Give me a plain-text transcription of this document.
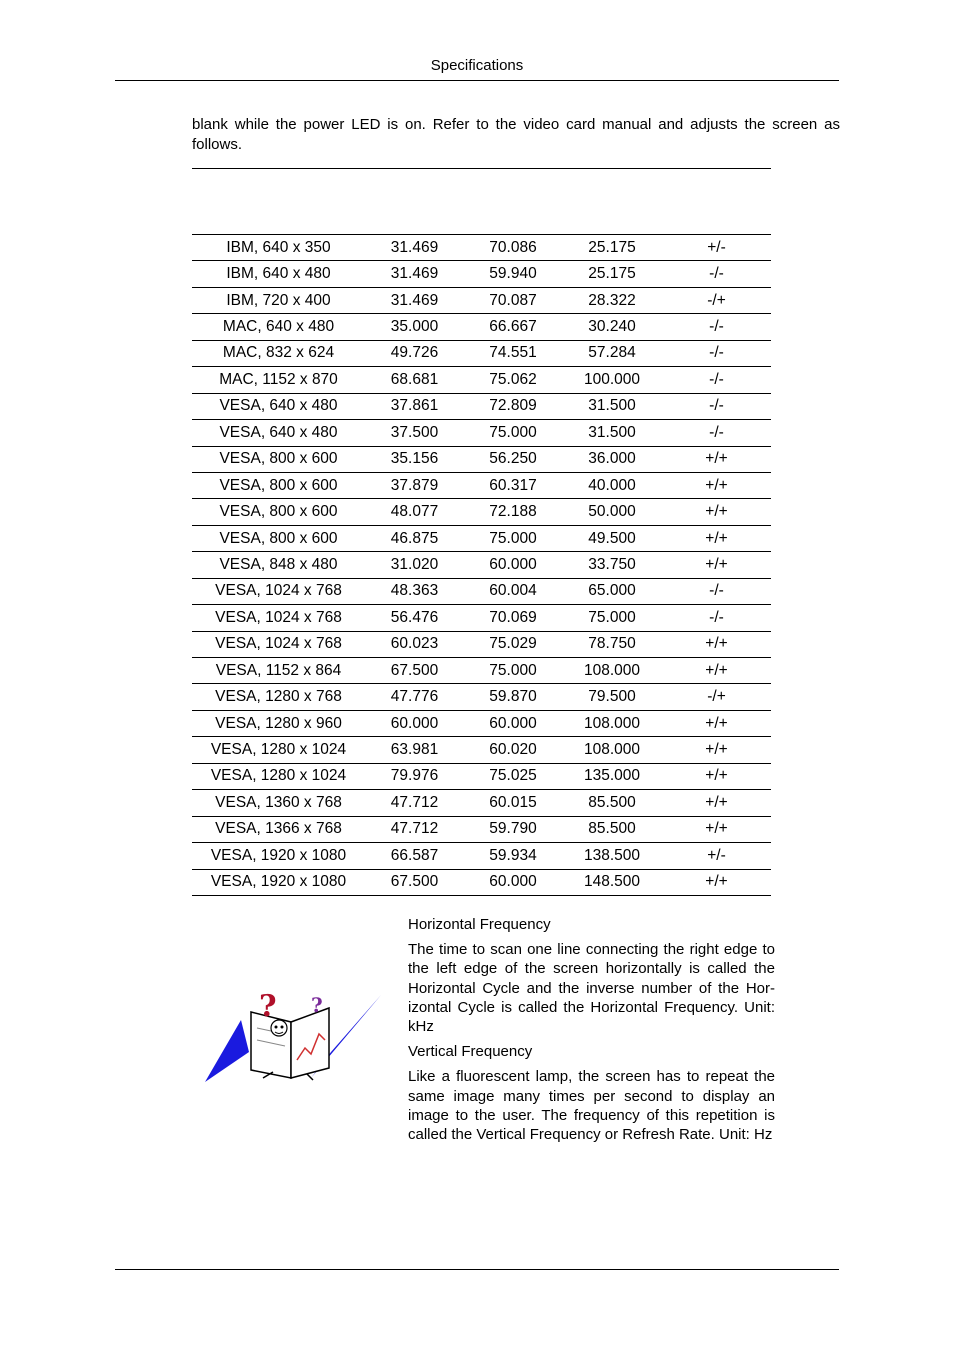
Specifications
blank while the power LED is on. Refer to the video card manual and adjusts the screen as follows.
IBM, 640 x 350	31.469	70.086	25.175	+/-
IBM, 640 x 480	31.469	59.940	25.175	-/-
IBM, 720 x 400	31.469	70.087	28.322	-/+
MAC, 640 x 480	35.000	66.667	30.240	-/-
MAC, 832 x 624	49.726	74.551	57.284	-/-
MAC, 1152 x 870	68.681	75.062	100.000	-/-
VESA, 640 x 480	37.861	72.809	31.500	-/-
VESA, 640 x 480	37.500	75.000	31.500	-/-
VESA, 800 x 600	35.156	56.250	36.000	+/+
VESA, 800 x 600	37.879	60.317	40.000	+/+
VESA, 800 x 600	48.077	72.188	50.000	+/+
VESA, 800 x 600	46.875	75.000	49.500	+/+
VESA, 848 x 480	31.020	60.000	33.750	+/+
VESA, 1024 x 768	48.363	60.004	65.000	-/-
VESA, 1024 x 768	56.476	70.069	75.000	-/-
VESA, 1024 x 768	60.023	75.029	78.750	+/+
VESA, 1152 x 864	67.500	75.000	108.000	+/+
VESA, 1280 x 768	47.776	59.870	79.500	-/+
VESA, 1280 x 960	60.000	60.000	108.000	+/+
VESA, 1280 x 1024	63.981	60.020	108.000	+/+
VESA, 1280 x 1024	79.976	75.025	135.000	+/+
VESA, 1360 x 768	47.712	60.015	85.500	+/+
VESA, 1366 x 768	47.712	59.790	85.500	+/+
VESA, 1920 x 1080	66.587	59.934	138.500	+/-
VESA, 1920 x 1080	67.500	60.000	148.500	+/+
? ?

Horizontal Frequency

The time to scan one line connecting the right edge to the left edge of the screen horizontally is called the Horizontal Cycle and the inverse number of the Hor-izontal Cycle is called the Horizontal Frequency. Unit: kHz

Vertical Frequency

Like a fluorescent lamp, the screen has to repeat the same image many times per second to display an image to the user. The frequency of this repetition is called the Vertical Frequency or Refresh Rate. Unit: Hz
